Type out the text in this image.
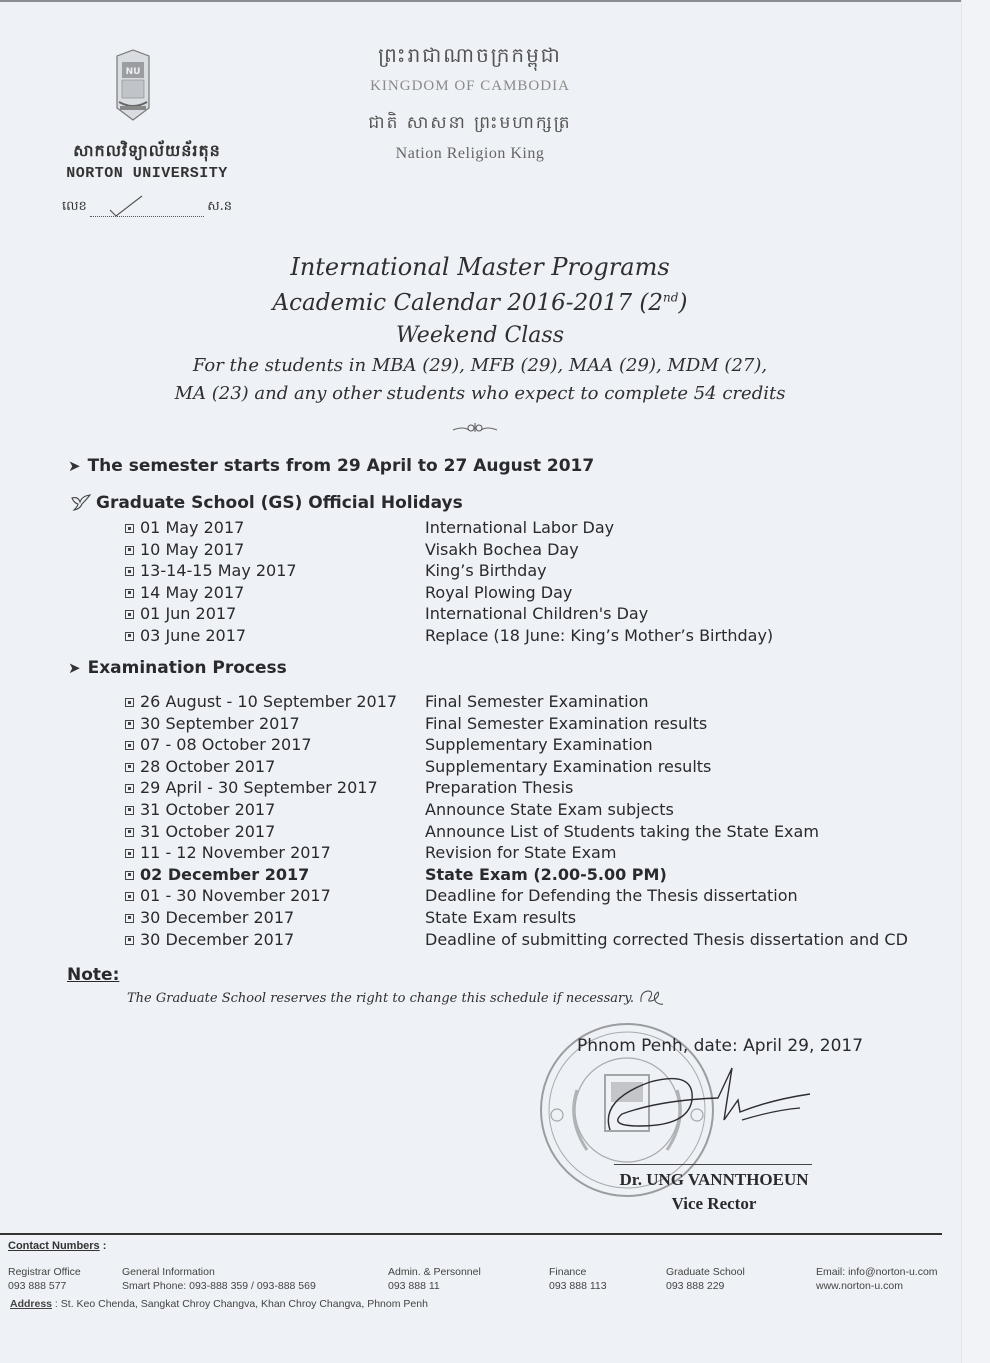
NU
សាកលវិទ្យាល័យន័រតុន
NORTON UNIVERSITY
លេខ	ស.ន
ព្រះរាជាណាចក្រកម្ពុជា
KINGDOM OF CAMBODIA
ជាតិ សាសនា ព្រះមហាក្សត្រ
Nation Religion King
International Master Programs
Academic Calendar 2016-2017 (2nd)
Weekend Class
For the students in MBA (29), MFB (29), MAA (29), MDM (27),
MA (23) and any other students who expect to complete 54 credits
➤ The semester starts from 29 April to 27 August 2017
Graduate School (GS) Official Holidays
01 May 2017	International Labor Day
10 May 2017	Visakh Bochea Day
13-14-15 May 2017	King’s Birthday
14 May 2017	Royal Plowing Day
01 Jun 2017	International Children's Day
03 June 2017	Replace (18 June: King’s Mother’s Birthday)
➤ Examination Process
26 August - 10 September 2017 Final Semester Examination
30 September 2017	Final Semester Examination results
07 - 08 October 2017	Supplementary Examination
28 October 2017	Supplementary Examination results
29 April - 30 September 2017	Preparation Thesis
31 October 2017	Announce State Exam subjects
31 October 2017	Announce List of Students taking the State Exam
11 - 12 November 2017	Revision for State Exam
02 December 2017	State Exam (2.00-5.00 PM)
01 - 30 November 2017	Deadline for Defending the Thesis dissertation
30 December 2017	State Exam results
30 December 2017	Deadline of submitting corrected Thesis dissertation and CD
Note:
The Graduate School reserves the right to change this schedule if necessary.
Phnom Penh, date: April 29, 2017
Dr. UNG VANNTHOEUN
Vice Rector
Contact Numbers :
Registrar Office
093 888 577
General Information
Smart Phone: 093-888 359 / 093-888 569
Admin. & Personnel
093 888 11
Finance
093 888 113
Graduate School
093 888 229
Email: info@norton-u.com
www.norton-u.com
Address : St. Keo Chenda, Sangkat Chroy Changva, Khan Chroy Changva, Phnom Penh
